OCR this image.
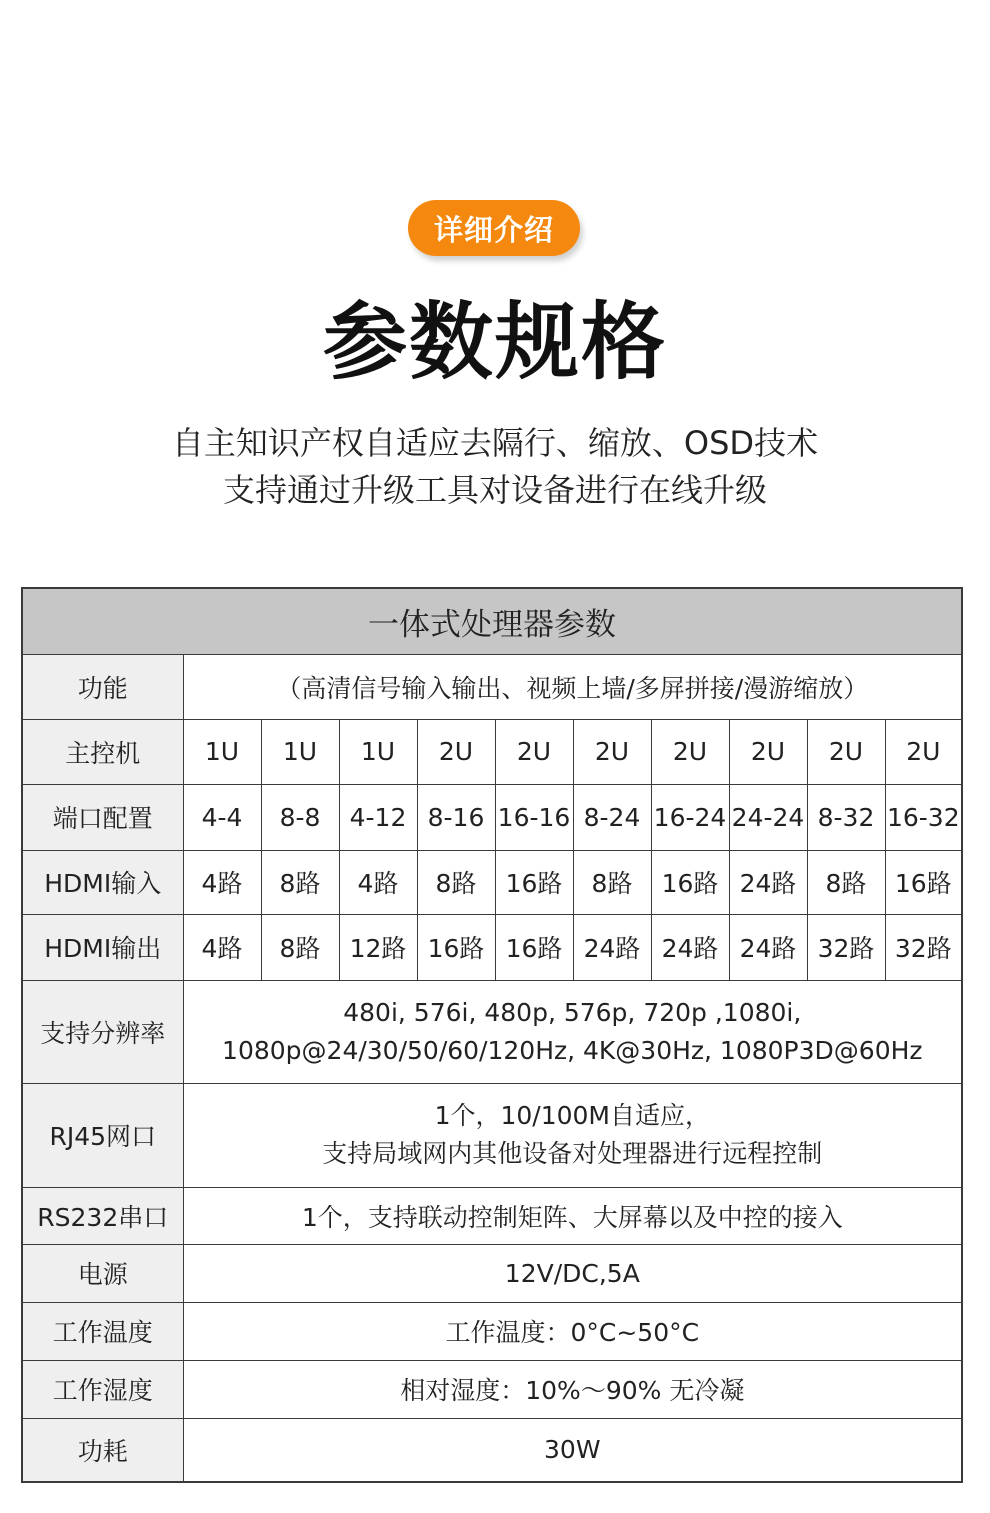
详细介绍
参数规格
自主知识产权自适应去隔行、缩放、OSD技术
支持通过升级工具对设备进行在线升级
一体式处理器参数										
功能	（高清信号输入输出、视频上墙/多屏拼接/漫游缩放）									
主控机	1U	1U	1U	2U	2U	2U	2U	2U	2U	2U
端口配置	4-4	8-8	4-12	8-16	16-16	8-24	16-24	24-24	8-32	16-32
HDMI输入	4路	8路	4路	8路	16路	8路	16路	24路	8路	16路
HDMI输出	4路	8路	12路	16路	16路	24路	24路	24路	32路	32路
支持分辨率	480i, 576i, 480p, 576p, 720p ,1080i,
1080p@24/30/50/60/120Hz, 4K@30Hz, 1080P3D@60Hz									

RJ45网口	1个，10/100M自适应，
支持局域网内其他设备对处理器进行远程控制									

RS232串口	1个，支持联动控制矩阵、大屏幕以及中控的接入									
电源	12V/DC,5A									
工作温度	工作温度：0°C~50°C									
工作湿度	相对湿度：10%～90% 无冷凝									
功耗	30W									
